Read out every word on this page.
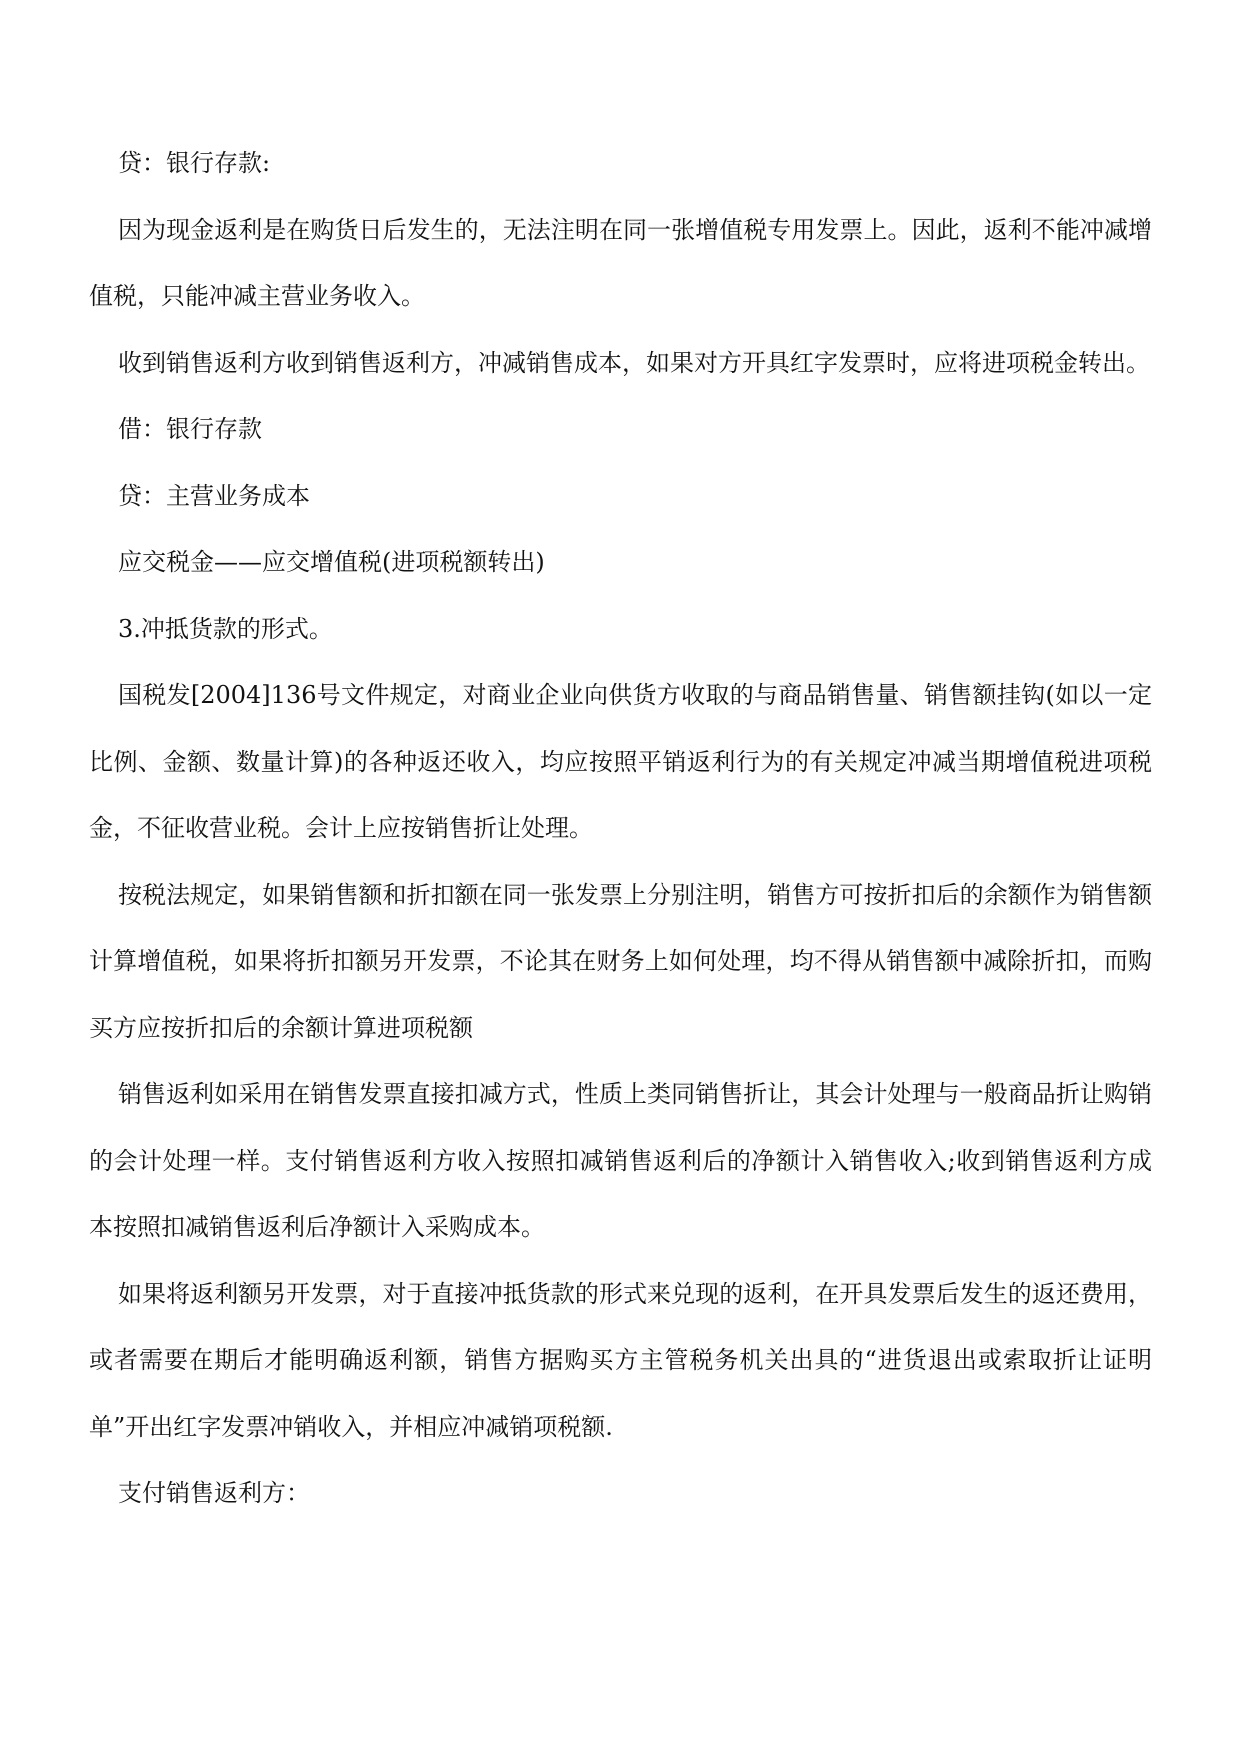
贷：银行存款:

因为现金返利是在购货日后发生的，无法注明在同一张增值税专用发票上。因此，返利不能冲减增值税，只能冲减主营业务收入。

收到销售返利方收到销售返利方，冲减销售成本，如果对方开具红字发票时，应将进项税金转出。

借：银行存款

贷：主营业务成本

应交税金——应交增值税(进项税额转出)

3.冲抵货款的形式。

国税发[2004]136号文件规定，对商业企业向供货方收取的与商品销售量、销售额挂钩(如以一定比例、金额、数量计算)的各种返还收入，均应按照平销返利行为的有关规定冲减当期增值税进项税金，不征收营业税。会计上应按销售折让处理。

按税法规定，如果销售额和折扣额在同一张发票上分别注明，销售方可按折扣后的余额作为销售额计算增值税，如果将折扣额另开发票，不论其在财务上如何处理，均不得从销售额中减除折扣，而购买方应按折扣后的余额计算进项税额

销售返利如采用在销售发票直接扣减方式，性质上类同销售折让，其会计处理与一般商品折让购销的会计处理一样。支付销售返利方收入按照扣减销售返利后的净额计入销售收入;收到销售返利方成本按照扣减销售返利后净额计入采购成本。

如果将返利额另开发票，对于直接冲抵货款的形式来兑现的返利，在开具发票后发生的返还费用，或者需要在期后才能明确返利额，销售方据购买方主管税务机关出具的“进货退出或索取折让证明单”开出红字发票冲销收入，并相应冲减销项税额.

支付销售返利方：
